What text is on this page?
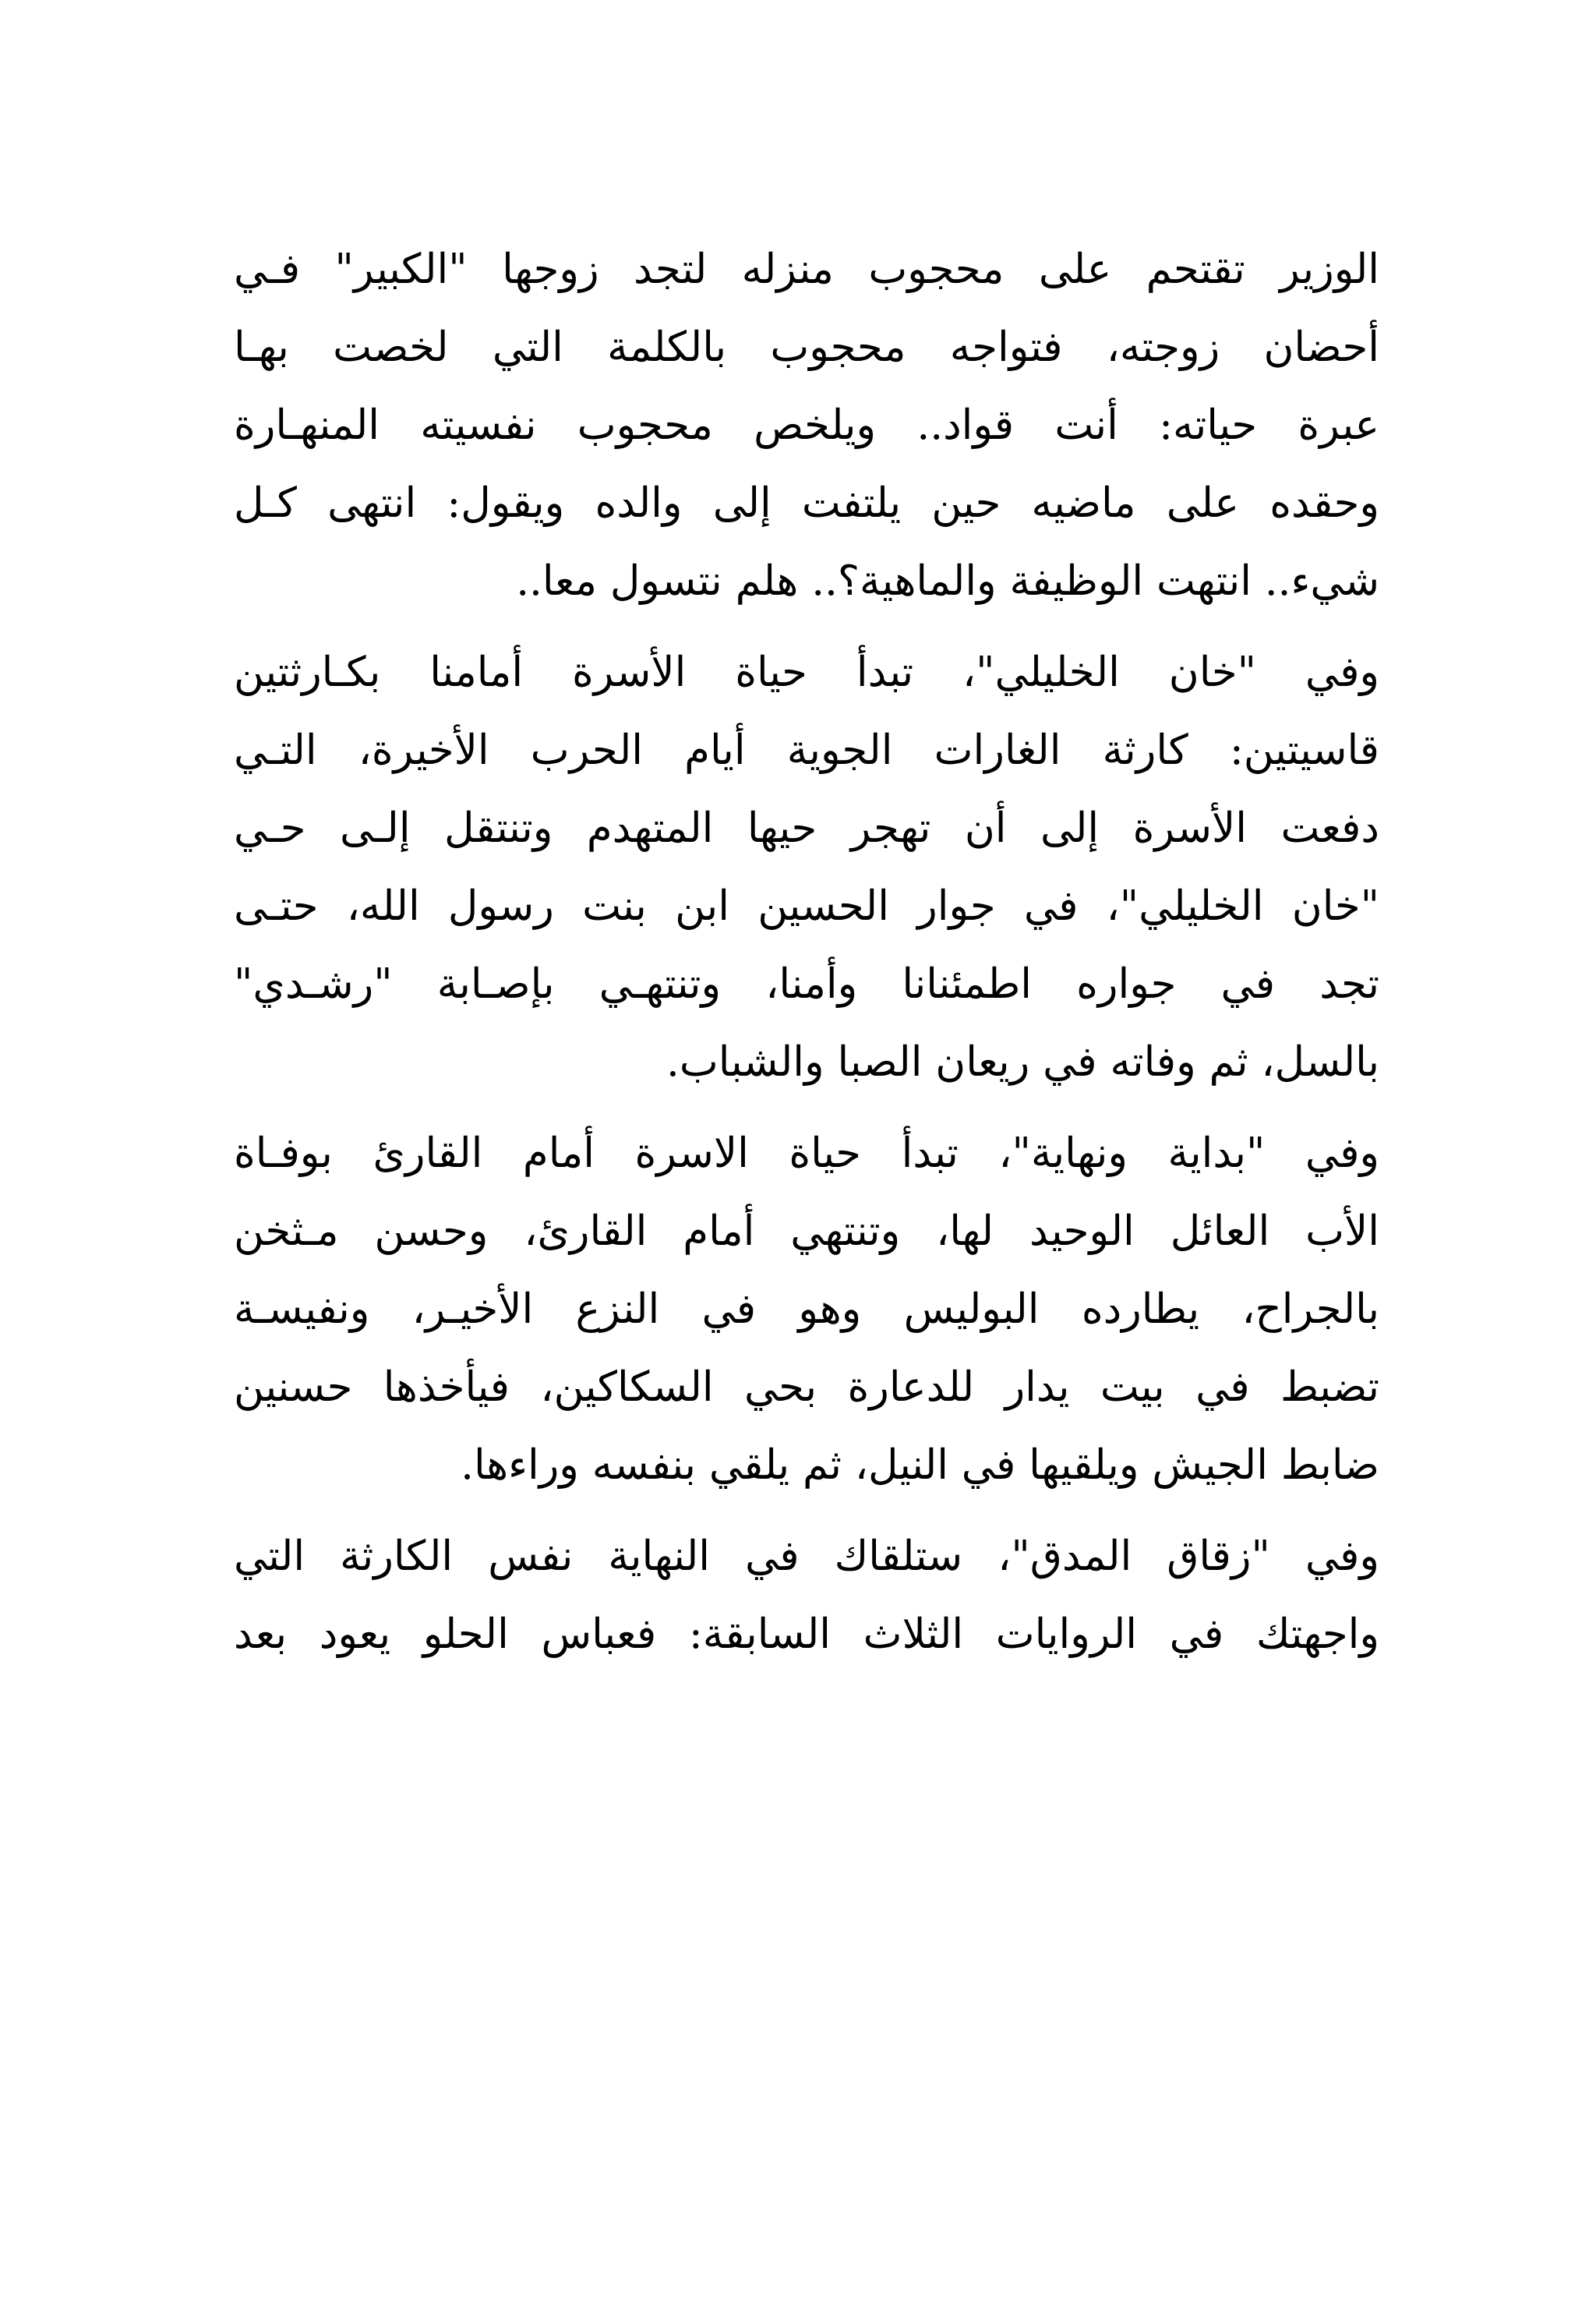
الوزير تقتحم على محجوب منزله لتجد زوجها "الكبير" فـي
أحضان زوجته، فتواجه محجوب بالكلمة التي لخصت بهـا
عبرة حياته: أنت قواد.. ويلخص محجوب نفسيته المنهـارة
وحقده على ماضيه حين يلتفت إلى والده ويقول: انتهى كـل
شيء.. انتهت الوظيفة والماهية؟.. هلم نتسول معا..
وفي "خان الخليلي"، تبدأ حياة الأسرة أمامنا بكـارثتين
قاسيتين: كارثة الغارات الجوية أيام الحرب الأخيرة، التـي
دفعت الأسرة إلى أن تهجر حيها المتهدم وتنتقل إلـى حـي
"خان الخليلي"، في جوار الحسين ابن بنت رسول الله، حتـى
تجد في جواره اطمئنانا وأمنا، وتنتهـي بإصـابة "رشـدي"
بالسل، ثم وفاته في ريعان الصبا والشباب.
وفي "بداية ونهاية"، تبدأ حياة الاسرة أمام القارئ بوفـاة
الأب العائل الوحيد لها، وتنتهي أمام القارئ، وحسن مـثخن
بالجراح، يطارده البوليس وهو في النزع الأخيـر، ونفيسـة
تضبط في بيت يدار للدعارة بحي السكاكين، فيأخذها حسنين
ضابط الجيش ويلقيها في النيل، ثم يلقي بنفسه وراءها.
وفي "زقاق المدق"، ستلقاك في النهاية نفس الكارثة التي
واجهتك في الروايات الثلاث السابقة: فعباس الحلو يعود بعد
